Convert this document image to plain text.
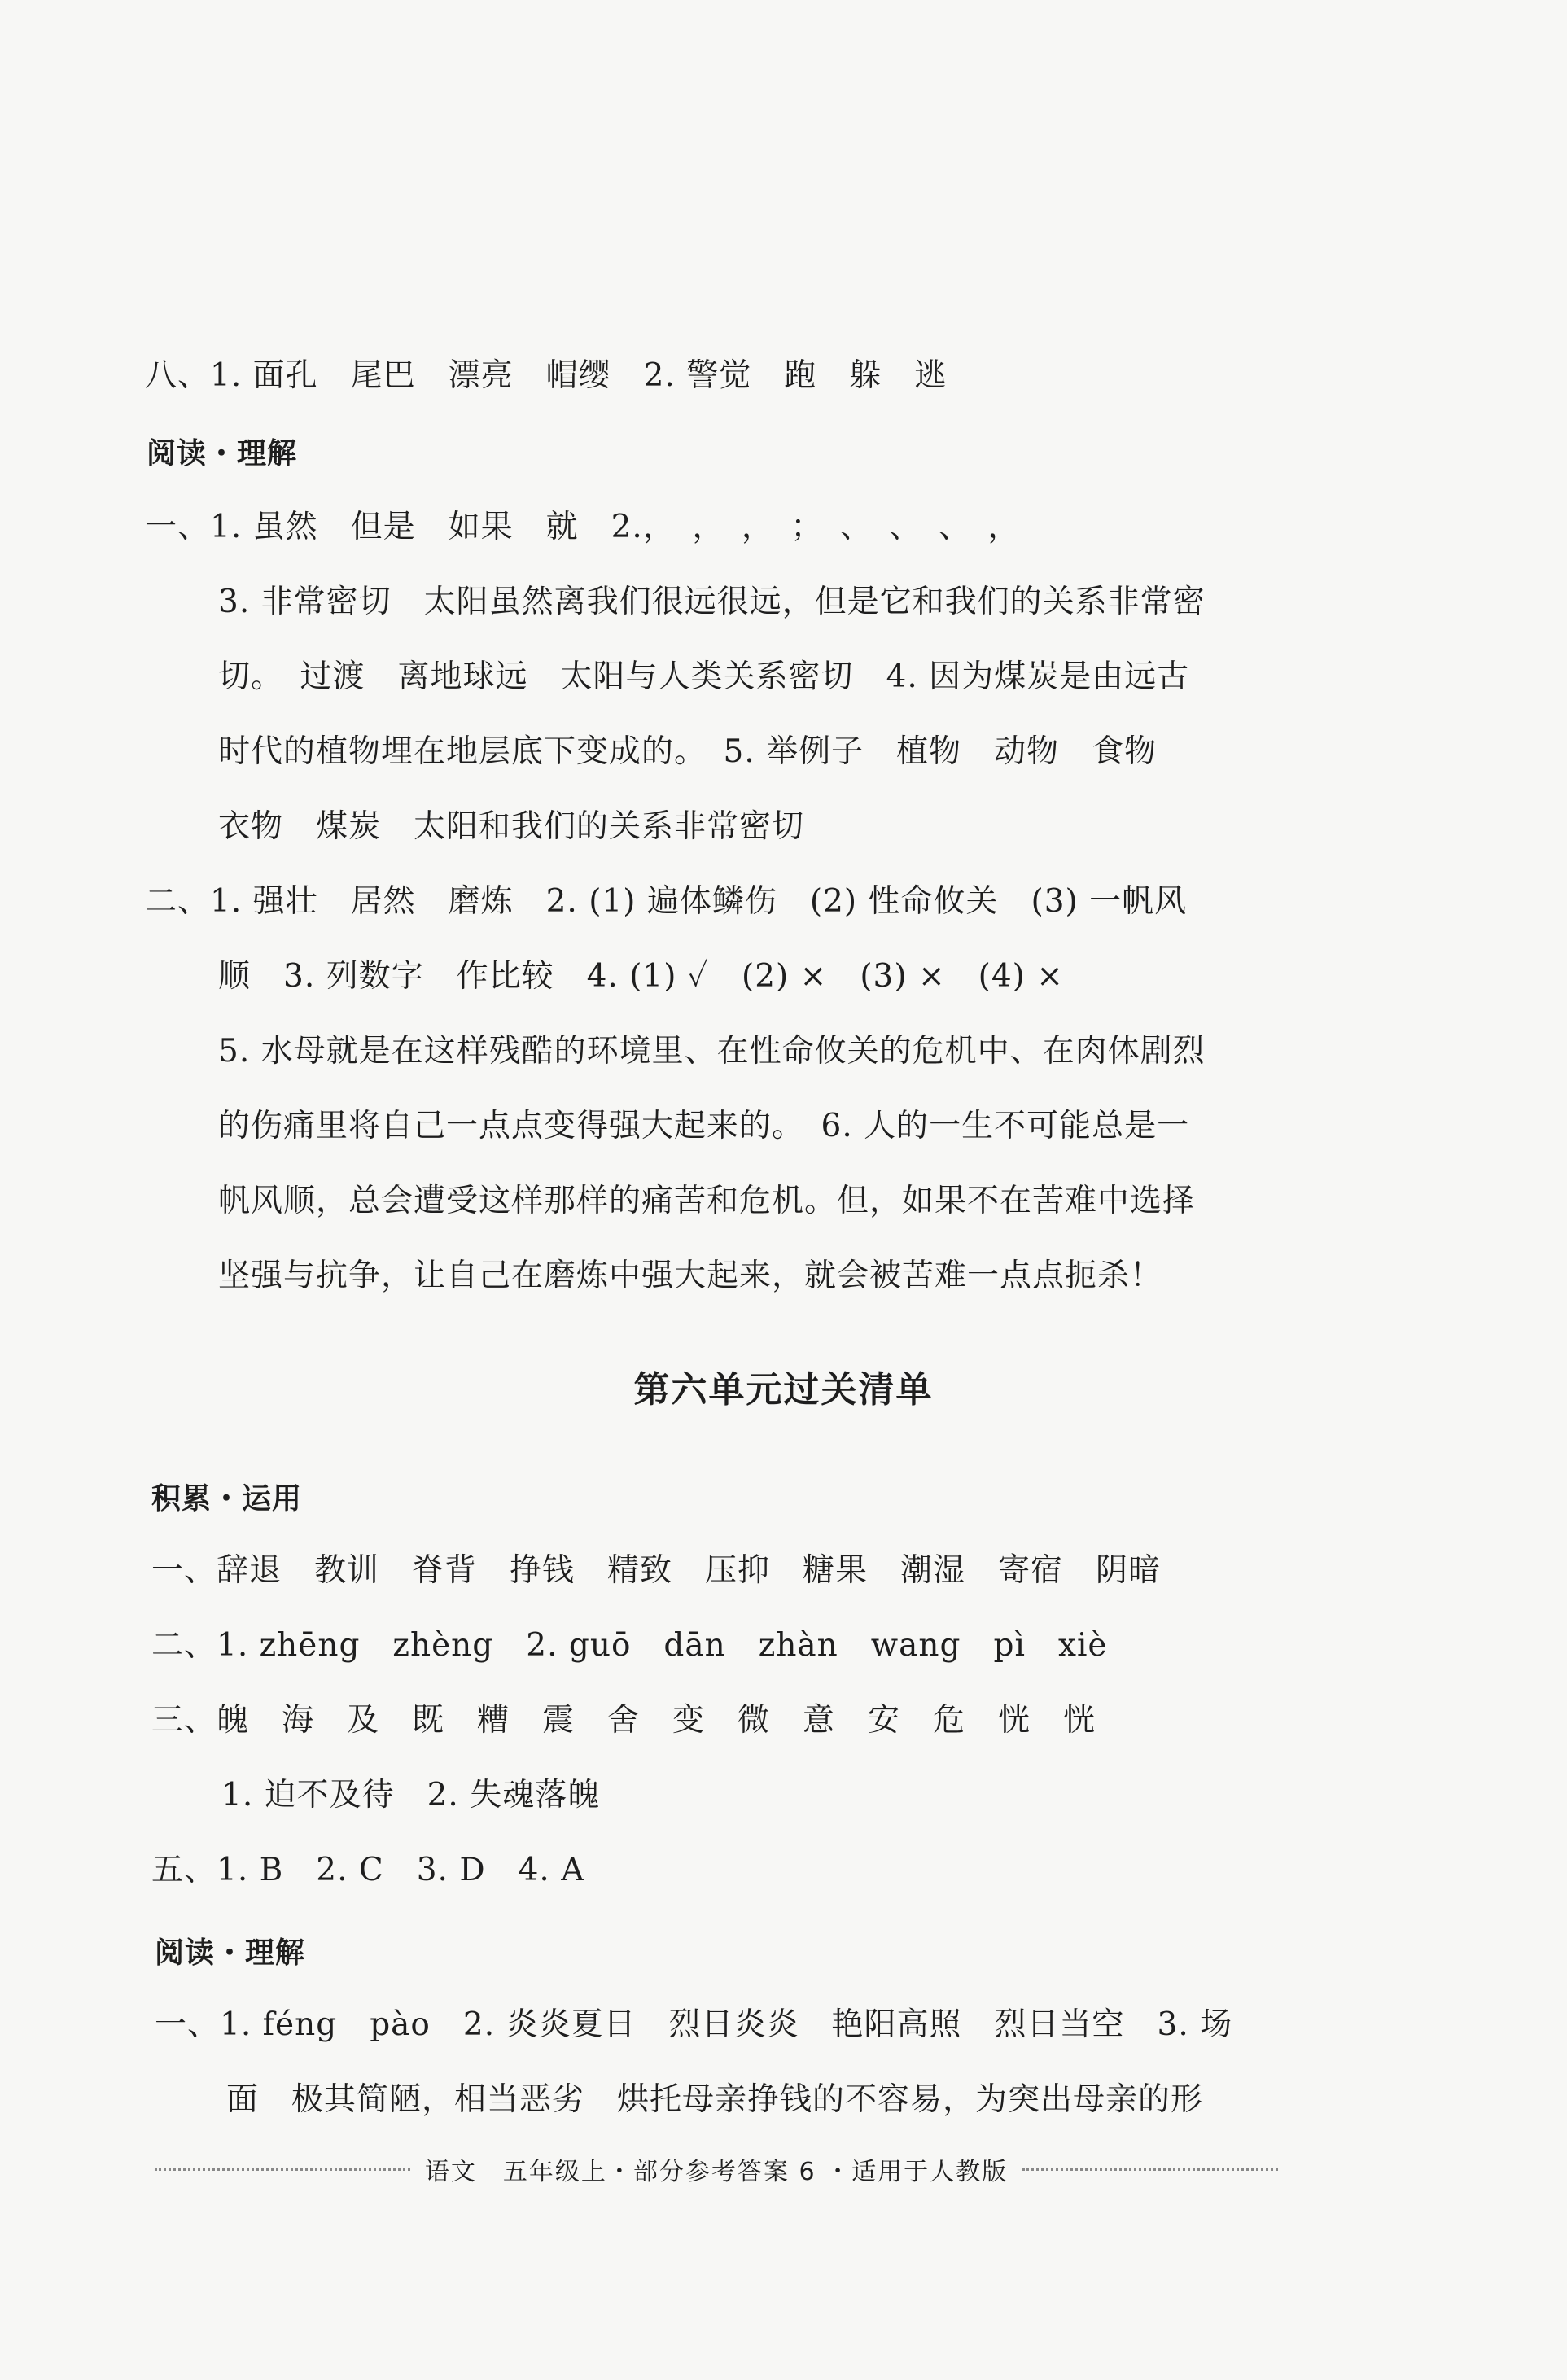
八、1. 面孔　尾巴　漂亮　帽缨　2. 警觉　跑　躲　逃
阅读・理解
一、1. 虽然　但是　如果　就　2.，　，　，　；　、　、　、　，
3. 非常密切　太阳虽然离我们很远很远，但是它和我们的关系非常密
切。　过渡　离地球远　太阳与人类关系密切　4. 因为煤炭是由远古
时代的植物埋在地层底下变成的。　5. 举例子　植物　动物　食物
衣物　煤炭　太阳和我们的关系非常密切
二、1. 强壮　居然　磨炼　2. (1) 遍体鳞伤　(2) 性命攸关　(3) 一帆风
顺　3. 列数字　作比较　4. (1) ✓　(2) ×　(3) ×　(4) ×
5. 水母就是在这样残酷的环境里、在性命攸关的危机中、在肉体剧烈
的伤痛里将自己一点点变得强大起来的。　6. 人的一生不可能总是一
帆风顺，总会遭受这样那样的痛苦和危机。但，如果不在苦难中选择
坚强与抗争，让自己在磨炼中强大起来，就会被苦难一点点扼杀！
第六单元过关清单
积累・运用
一、辞退　教训　脊背　挣钱　精致　压抑　糖果　潮湿　寄宿　阴暗
二、1. zhēng　zhèng　2. guō　dān　zhàn　wang　pì　xiè
三、魄　海　及　既　糟　震　舍　变　微　意　安　危　恍　恍
1. 迫不及待　2. 失魂落魄
五、1. B　2. C　3. D　4. A
阅读・理解
一、1. féng　pào　2. 炎炎夏日　烈日炎炎　艳阳高照　烈日当空　3. 场
面　极其简陋，相当恶劣　烘托母亲挣钱的不容易，为突出母亲的形
语文　五年级上・部分参考答案 6 ・适用于人教版
